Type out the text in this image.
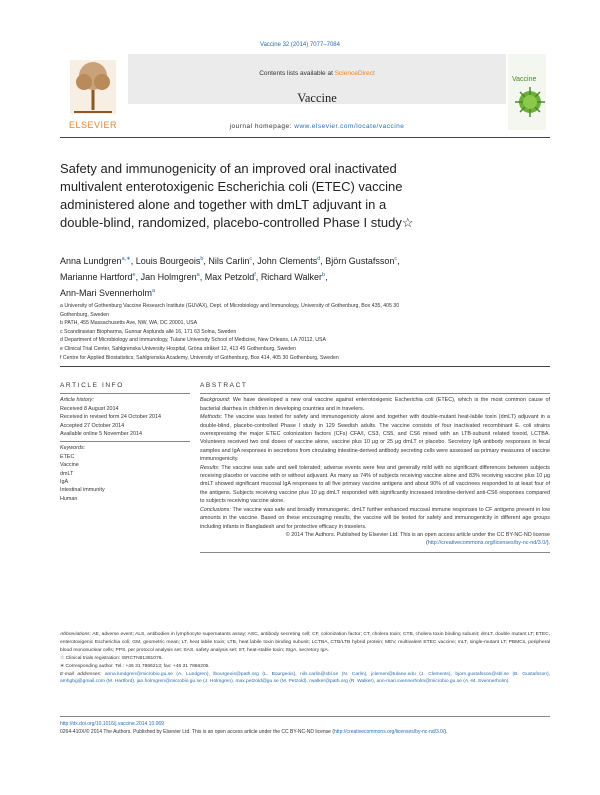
Vaccine 32 (2014) 7077–7084
ELSEVIER
Contents lists available at ScienceDirect
Vaccine
journal homepage: www.elsevier.com/locate/vaccine
Vaccine
Safety and immunogenicity of an improved oral inactivated
multivalent enterotoxigenic Escherichia coli (ETEC) vaccine
administered alone and together with dmLT adjuvant in a
double-blind, randomized, placebo-controlled Phase I study☆
Anna Lundgren$^{a,∗}$, Louis Bourgeois$^b$, Nils Carlin$^c$, John Clements$^d$, Björn Gustafsson$^c$,
Marianne Hartford$^e$, Jan Holmgren$^a$, Max Petzold$^f$, Richard Walker$^b$,
Ann-Mari Svennerholm$^a$
a University of Gothenburg Vaccine Research Institute (GUVAX), Dept. of Microbiology and Immunology, University of Gothenburg, Box 435, 405 30
Gothenburg, Sweden
b PATH, 455 Massachusetts Ave, NW, WA, DC 20001, USA
c Scandinavian Biopharma, Gunnar Asplunds allé 16, 171 63 Solna, Sweden
d Department of Microbiology and Immunology, Tulane University School of Medicine, New Orleans, LA 70112, USA
e Clinical Trial Center, Sahlgrenska University Hospital, Gröna stråket 12, 413 45 Gothenburg, Sweden
f Centre for Applied Biostatistics, Sahlgrenska Academy, University of Gothenburg, Box 414, 405 30 Gothenburg, Sweden
ARTICLE INFO
Article history:
Received 8 August 2014
Received in revised form 24 October 2014
Accepted 27 October 2014
Available online 5 November 2014
Keywords:
ETEC
Vaccine
dmLT
IgA
Intestinal immunity
Human
ABSTRACT

Background: We have developed a new oral vaccine against enterotoxigenic Escherichia coli (ETEC), which is the most common cause of bacterial diarrhea in children in developing countries and in travelers.

Methods: The vaccine was tested for safety and immunogenicity alone and together with double-mutant heat-labile toxin (dmLT) adjuvant in a double-blind, placebo-controlled Phase I study in 129 Swedish adults. The vaccine consists of four inactivated recombinant E. coli strains overexpressing the major ETEC colonization factors (CFs) CFA/I, CS3, CS5, and CS6 mixed with an LTB-subunit related toxoid, LCTBA. Volunteers received two oral doses of vaccine alone, vaccine plus 10 μg or 25 μg dmLT or placebo. Secretory IgA antibody responses in fecal samples and IgA responses in secretions from circulating intestine-derived antibody secreting cells were assessed as primary measures of vaccine immunogenicity.

Results: The vaccine was safe and well tolerated; adverse events were few and generally mild with no significant differences between subjects receiving placebo or vaccine with or without adjuvant. As many as 74% of subjects receiving vaccine alone and 83% receiving vaccine plus 10 μg dmLT showed significant mucosal IgA responses to all five primary vaccine antigens and about 90% of all vaccinees responded to at least four of the antigens. Subjects receiving vaccine plus 10 μg dmLT responded with significantly increased intestine-derived anti-CS6 responses compared to subjects receiving vaccine alone.

Conclusions: The vaccine was safe and broadly immunogenic. dmLT further enhanced mucosal immune responses to CF antigens present in low amounts in the vaccine. Based on these encouraging results, the vaccine will be tested for safety and immunogenicity in different age groups including infants in Bangladesh and for protective efficacy in travelers.

© 2014 The Authors. Published by Elsevier Ltd. This is an open access article under the CC BY-NC-ND license (http://creativecommons.org/licenses/by-nc-nd/3.0/).

Abbreviations: AE, adverse event; ALS, antibodies in lymphocyte supernatants assay; ASC, antibody secreting cell; CF, colonization factor; CT, cholera toxin; CTB, cholera toxin binding subunit; dmLT, double mutant LT; ETEC, enterotoxigenic Escherichia coli; GM, geometric mean; LT, heat labile toxin; LTB, heat labile toxin binding subunit; LCTBA, CTB/LTB hybrid protein; MEV, multivalent ETEC vaccine; mLT, single-mutant LT; PBMCs, peripheral blood mononuclear cells; PPS, per protocol analysis set; SAS, safety analysis set; ST, heat-stable toxin; SIgA, secretory IgA.

☆ Clinical trials registration: ISRCTN91381076.

∗ Corresponding author. Tel.: +46 31 7866213; fax: +46 31 7866205.

E-mail addresses: anna.lundgren@microbio.gu.se (A. Lundgren), lbourgeois@path.org (L. Bourgeois), nils.carlin@sbl.se (N. Carlin), jclemen@tulane.edu (J. Clements), bjorn.gustafsson@sbl.se (B. Gustafsson), amhgbg@gmail.com (M. Hartford), jan.holmgren@microbio.gu.se (J. Holmgren), max.petzold@gu.se (M. Petzold), rwalker@path.org (R. Walker), ann-mari.svennerholm@microbio.gu.se (A.-M. Svennerholm).

http://dx.doi.org/10.1016/j.vaccine.2014.10.069
0264-410X/© 2014 The Authors. Published by Elsevier Ltd. This is an open access article under the CC BY-NC-ND license (http://creativecommons.org/licenses/by-nc-nd/3.0/).
